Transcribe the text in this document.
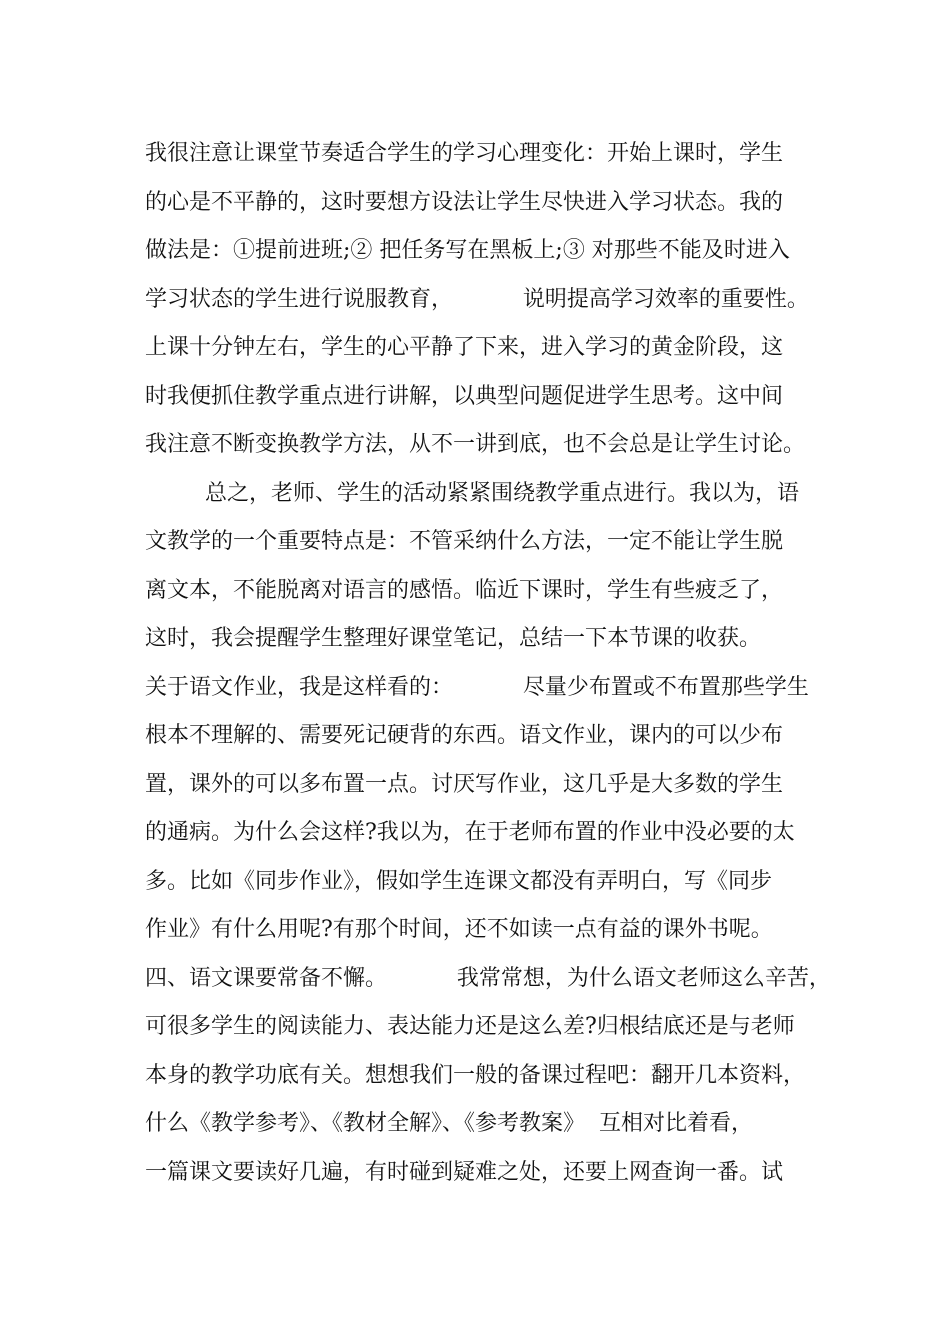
我很注意让课堂节奏适合学生的学习心理变化：开始上课时，学生
的心是不平静的，这时要想方设法让学生尽快进入学习状态。我的
做法是：①提前进班;② 把任务写在黑板上;③ 对那些不能及时进入
学习状态的学生进行说服教育，          说明提高学习效率的重要性。
上课十分钟左右，学生的心平静了下来，进入学习的黄金阶段，这
时我便抓住教学重点进行讲解，以典型问题促进学生思考。这中间
我注意不断变换教学方法，从不一讲到底，也不会总是让学生讨论。
总之，老师、学生的活动紧紧围绕教学重点进行。我以为，语
文教学的一个重要特点是：不管采纳什么方法，一定不能让学生脱
离文本，不能脱离对语言的感悟。临近下课时，学生有些疲乏了，
这时，我会提醒学生整理好课堂笔记，总结一下本节课的收获。
关于语文作业，我是这样看的：          尽量少布置或不布置那些学生
根本不理解的、需要死记硬背的东西。语文作业，课内的可以少布
置，课外的可以多布置一点。讨厌写作业，这几乎是大多数的学生
的通病。为什么会这样?我以为，在于老师布置的作业中没必要的太
多。比如《同步作业》，假如学生连课文都没有弄明白，写《同步
作业》有什么用呢?有那个时间，还不如读一点有益的课外书呢。
四、语文课要常备不懈。          我常常想，为什么语文老师这么辛苦，
可很多学生的阅读能力、表达能力还是这么差?归根结底还是与老师
本身的教学功底有关。想想我们一般的备课过程吧：翻开几本资料，
什么《教学参考》、《教材全解》、《参考教案》  互相对比着看，
一篇课文要读好几遍，有时碰到疑难之处，还要上网查询一番。试
